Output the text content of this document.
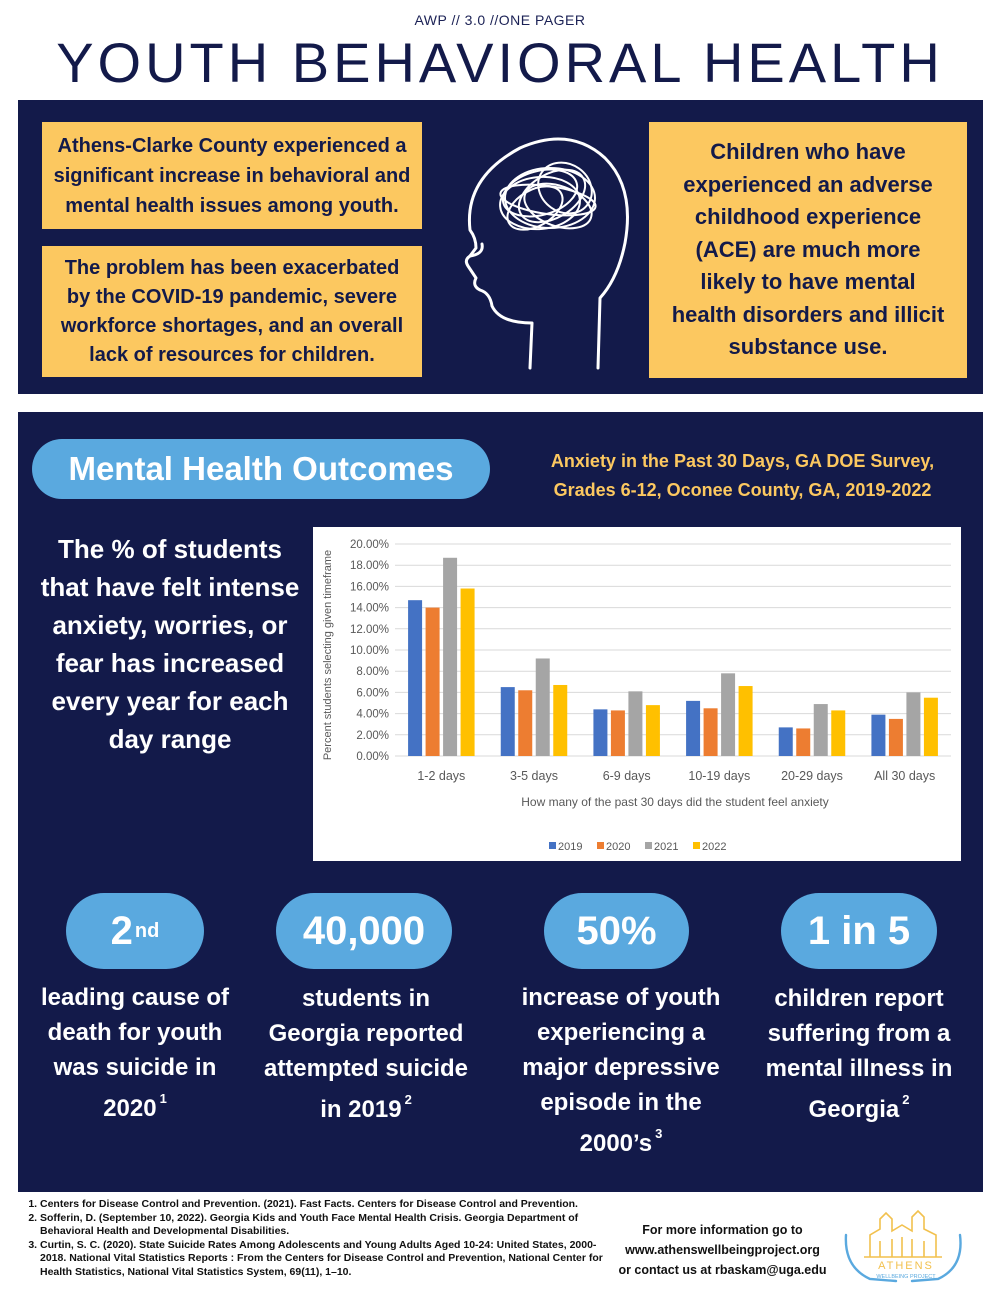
AWP // 3.0 //ONE PAGER
YOUTH BEHAVIORAL HEALTH
Athens-Clarke County experienced a significant increase in behavioral and mental health issues among youth.
The problem has been exacerbated by the COVID-19 pandemic, severe workforce shortages, and an overall lack of resources for children.
Children who have experienced an adverse childhood experience (ACE) are much more likely to have mental health disorders and illicit substance use.
Mental Health Outcomes	Anxiety in the Past 30 Days, GA DOE Survey,
Grades 6-12, Oconee County, GA, 2019-2022
The % of students that have felt intense anxiety, worries, or fear has increased every year for each day range
0.00%
2.00%
4.00%
6.00%
8.00%
10.00%
12.00%
14.00%
16.00%
18.00%
20.00%
1-2 days	3-5 days	6-9 days	10-19 days 20-29 days All 30 days
2019 2020 2021 2022
How many of the past 30 days did the student feel anxiety
Percent students selecting given timeframe
2 nd	40,000	50%	1 in 5
leading cause of death for youth was suicide in 2020 $^1$
students in Georgia reported attempted suicide in 2019 $^2$
increase of youth experiencing a major depressive episode in the 2000’s $^3$
children report suffering from a mental illness in Georgia $^2$
1. Centers for Disease Control and Prevention. (2021). Fast Facts. Centers for Disease Control and Prevention.
2. Sofferin, D. (September 10, 2022). Georgia Kids and Youth Face Mental Health Crisis. Georgia Department of Behavioral Health and Developmental Disabilities.
3. Curtin, S. C. (2020). State Suicide Rates Among Adolescents and Young Adults Aged 10-24: United States, 2000-2018. National Vital Statistics Reports : From the Centers for Disease Control and Prevention, National Center for Health Statistics, National Vital Statistics System, 69(11), 1–10.
For more information go to
www.athenswellbeingproject.org
or contact us at rbaskam@uga.edu	ATHENS
WELLBEING PROJECT
